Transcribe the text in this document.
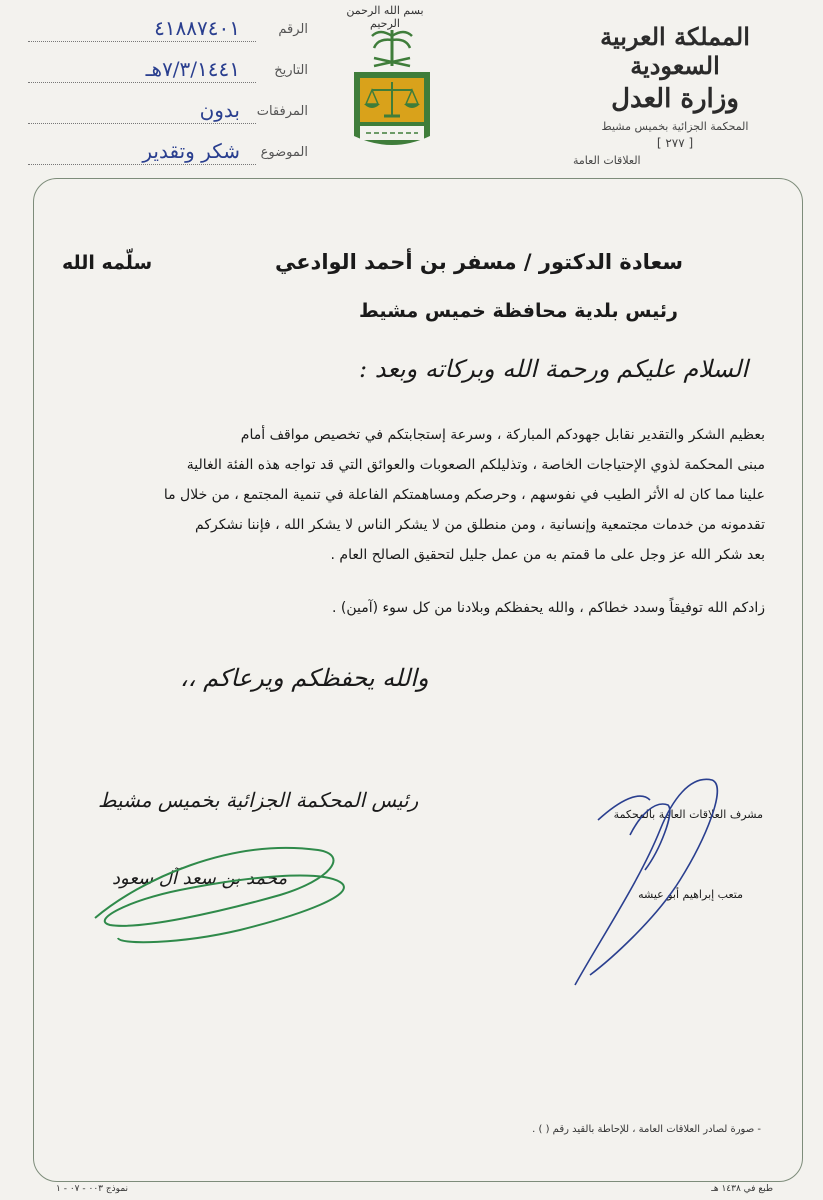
الرقم
٤١٨٨٧٤٠١
التاريخ
٧/٣/١٤٤١هـ
المرفقات
بدون
الموضوع
شكر وتقدير
بسم الله الرحمن الرحيم	المملكة العربية السعودية
وزارة العدل
المحكمة الجزائية بخميس مشيط
[ ٢٧٧ ]
العلاقات العامة
سعادة الدكتور / مسفر بن أحمد الوادعي
سلّمه الله
رئيس بلدية محافظة خميس مشيط
السلام عليكم ورحمة الله وبركاته وبعد :

بعظيم الشكر والتقدير نقابل جهودكم المباركة ، وسرعة إستجابتكم في تخصيص مواقف أمام

مبنى المحكمة لذوي الإحتياجات الخاصة ، وتذليلكم الصعوبات والعوائق التي قد تواجه هذه الفئة الغالية

علينا مما كان له الأثر الطيب في نفوسهم ، وحرصكم ومساهمتكم الفاعلة في تنمية المجتمع ، من خلال ما

تقدمونه من خدمات مجتمعية وإنسانية ، ومن منطلق من لا يشكر الناس لا يشكر الله ، فإننا نشكركم

بعد شكر الله عز وجل على ما قمتم به من عمل جليل لتحقيق الصالح العام .

زادكم الله توفيقاً وسدد خطاكم ، والله يحفظكم وبلادنا من كل سوء (آمين) .
والله يحفظكم ويرعاكم ،،
رئيس المحكمة الجزائية بخميس مشيط
محمد بن سعد آل سعود
مشرف العلاقات العامة بالمحكمة
متعب إبراهيم أبو عيشه
- صورة لصادر العلاقات العامة ، للإحاطة بالقيد رقم ( ) .
طبع في ١٤٣٨ هـ
نموذج ٠٠٣ - ٠٧ - ١
